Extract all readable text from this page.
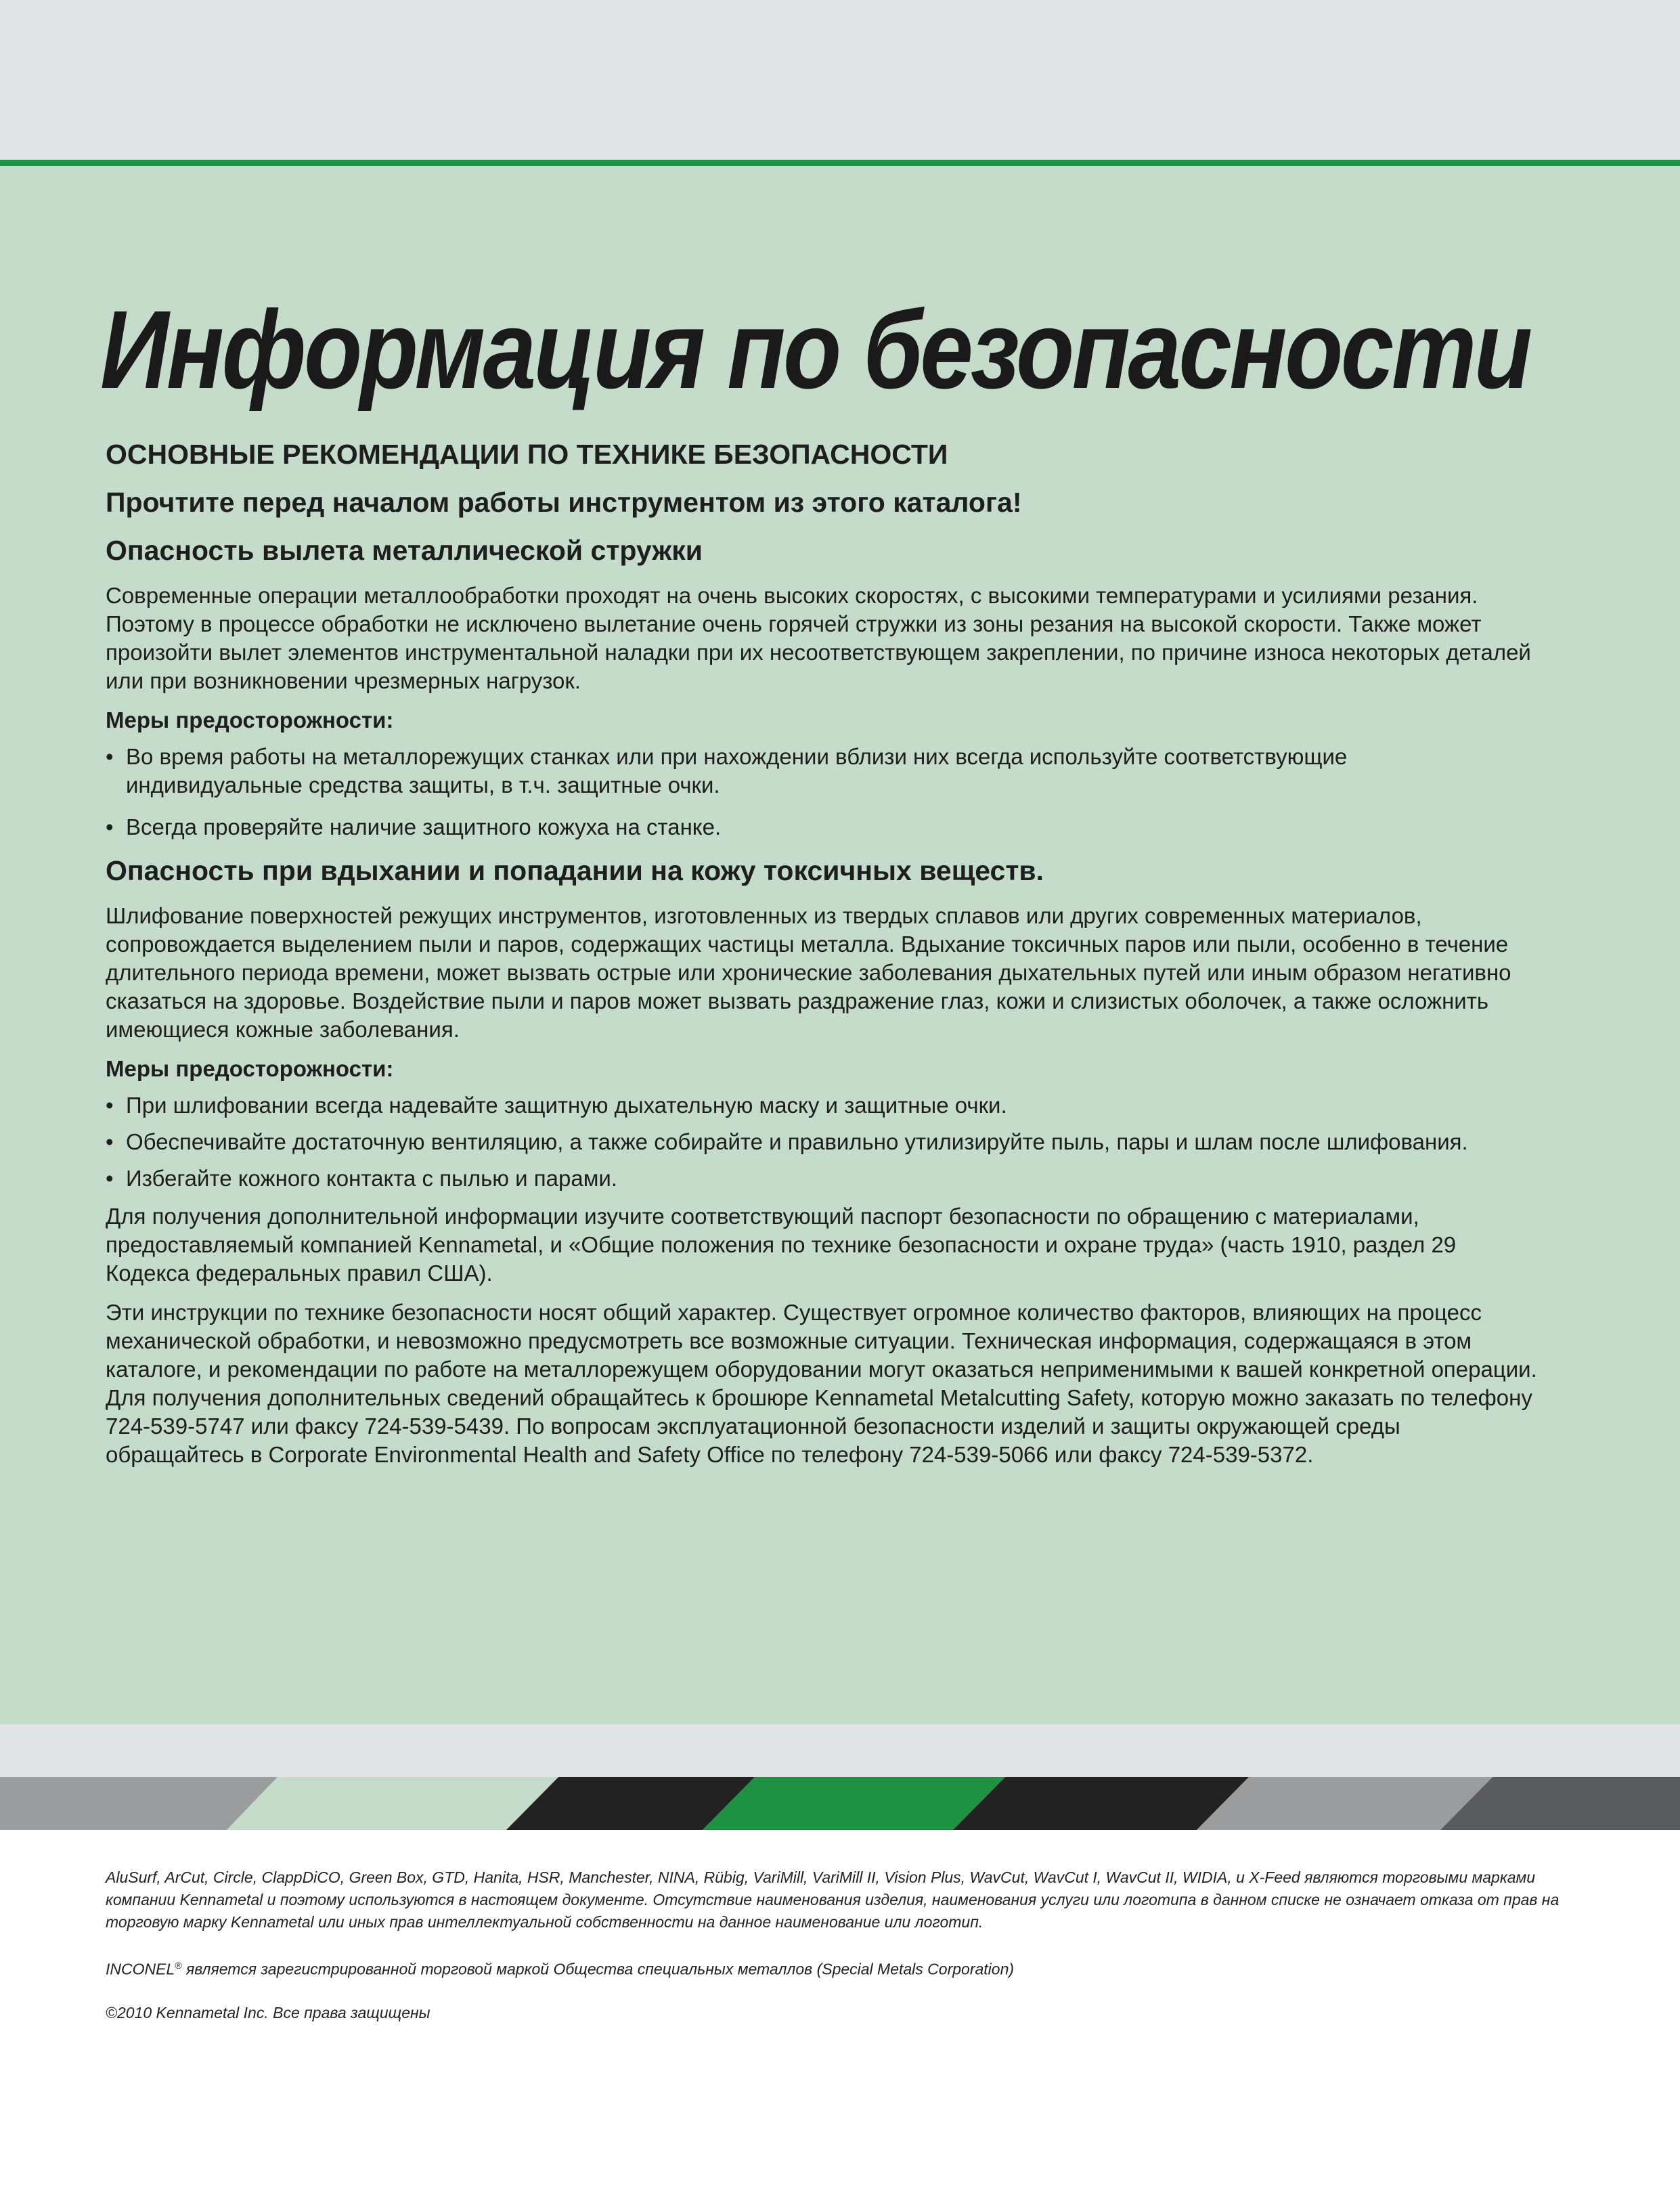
Информация по безопасности
ОСНОВНЫЕ РЕКОМЕНДАЦИИ ПО ТЕХНИКЕ БЕЗОПАСНОСТИ
Прочтите перед началом работы инструментом из этого каталога!
Опасность вылета металлической стружки

Современные операции металлообработки проходят на очень высоких скоростях, с высокими температурами и усилиями резания. Поэтому в процессе обработки не исключено вылетание очень горячей стружки из зоны резания на высокой скорости. Также может произойти вылет элементов инструментальной наладки при их несоответствующем закреплении, по причине износа некоторых деталей или при возникновении чрезмерных нагрузок.

Меры предосторожности:
• Во время работы на металлорежущих станках или при нахождении вблизи них всегда используйте соответствующие индивидуальные средства защиты, в т.ч. защитные очки.
• Всегда проверяйте наличие защитного кожуха на станке.
Опасность при вдыхании и попадании на кожу токсичных веществ.

Шлифование поверхностей режущих инструментов, изготовленных из твердых сплавов или других современных материалов, сопровождается выделением пыли и паров, содержащих частицы металла. Вдыхание токсичных паров или пыли, особенно в течение длительного периода времени, может вызвать острые или хронические заболевания дыхательных путей или иным образом негативно сказаться на здоровье. Воздействие пыли и паров может вызвать раздражение глаз, кожи и слизистых оболочек, а также осложнить имеющиеся кожные заболевания.

Меры предосторожности:
• При шлифовании всегда надевайте защитную дыхательную маску и защитные очки.
• Обеспечивайте достаточную вентиляцию, а также собирайте и правильно утилизируйте пыль, пары и шлам после шлифования.
• Избегайте кожного контакта с пылью и парами.

Для получения дополнительной информации изучите соответствующий паспорт безопасности по обращению с материалами, предоставляемый компанией Kennametal, и «Общие положения по технике безопасности и охране труда» (часть 1910, раздел 29 Кодекса федеральных правил США).

Эти инструкции по технике безопасности носят общий характер. Существует огромное количество факторов, влияющих на процесс механической обработки, и невозможно предусмотреть все возможные ситуации. Техническая информация, содержащаяся в этом каталоге, и рекомендации по работе на металлорежущем оборудовании могут оказаться неприменимыми к вашей конкретной операции. Для получения дополнительных сведений обращайтесь к брошюре Kennametal Metalcutting Safety, которую можно заказать по телефону 724-539-5747 или факсу 724-539-5439. По вопросам эксплуатационной безопасности изделий и защиты окружающей среды обращайтесь в Corporate Environmental Health and Safety Office по телефону 724-539-5066 или факсу 724-539-5372.

AluSurf, ArCut, Circle, ClappDiCO, Green Box, GTD, Hanita, HSR, Manchester, NINA, Rübig, VariMill, VariMill II, Vision Plus, WavCut, WavCut I, WavCut II, WIDIA, и X-Feed являются торговыми марками компании Kennametal и поэтому используются в настоящем документе. Отсутствие наименования изделия, наименования услуги или логотипа в данном списке не означает отказа от прав на торговую марку Kennametal или иных прав интеллектуальной собственности на данное наименование или логотип.

INCONEL® является зарегистрированной торговой маркой Общества специальных металлов (Special Metals Corporation)

©2010 Kennametal Inc. Все права защищены
